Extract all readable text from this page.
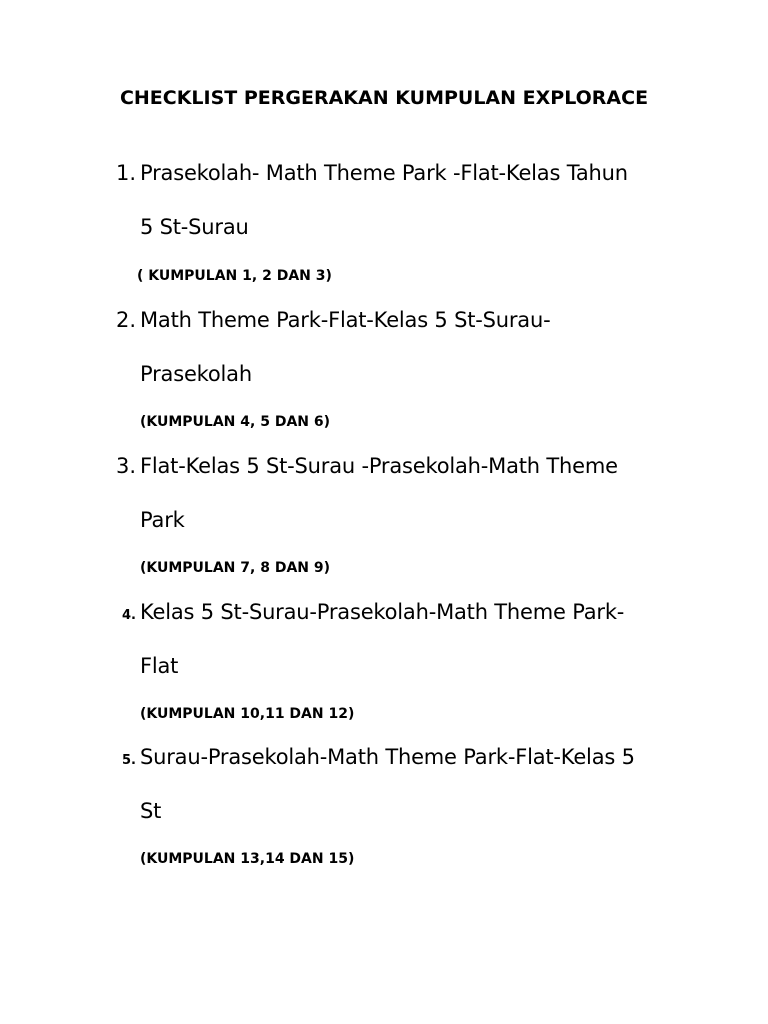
CHECKLIST PERGERAKAN KUMPULAN EXPLORACE
1. Prasekolah- Math Theme Park -Flat-Kelas Tahun
5 St-Surau
( KUMPULAN 1, 2 DAN 3)
2. Math Theme Park-Flat-Kelas 5 St-Surau-
Prasekolah
(KUMPULAN 4, 5 DAN 6)
3. Flat-Kelas 5 St-Surau -Prasekolah-Math Theme
Park
(KUMPULAN 7, 8 DAN 9)
4. Kelas 5 St-Surau-Prasekolah-Math Theme Park-
Flat
(KUMPULAN 10,11 DAN 12)
5. Surau-Prasekolah-Math Theme Park-Flat-Kelas 5
St
(KUMPULAN 13,14 DAN 15)
